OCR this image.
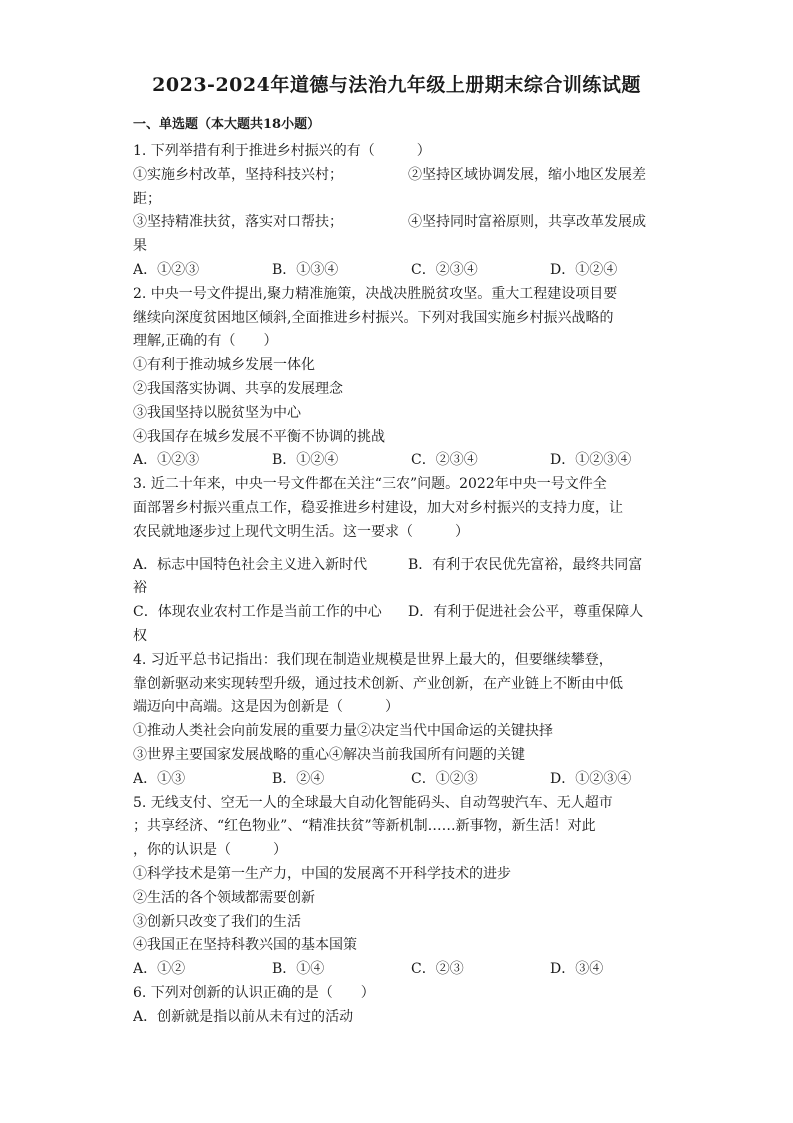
2023-2024年道德与法治九年级上册期末综合训练试题
一、单选题（本大题共18小题）
1. 下列举措有利于推进乡村振兴的有（　　　）
①实施乡村改革，坚持科技兴村；	②坚持区域协调发展，缩小地区发展差
距；
③坚持精准扶贫，落实对口帮扶；	④坚持同时富裕原则，共享改革发展成
果
A．①②③	B．①③④	C．②③④	D．①②④
2. 中央一号文件提出,聚力精准施策，决战决胜脱贫攻坚。重大工程建设项目要
继续向深度贫困地区倾斜,全面推进乡村振兴。下列对我国实施乡村振兴战略的
理解,正确的有（　　）
①有利于推动城乡发展一体化
②我国落实协调、共享的发展理念
③我国坚持以脱贫坚为中心
④我国存在城乡发展不平衡不协调的挑战
A．①②③	B．①②④	C．②③④	D．①②③④
3. 近二十年来，中央一号文件都在关注“三农”问题。2022年中央一号文件全
面部署乡村振兴重点工作，稳妥推进乡村建设，加大对乡村振兴的支持力度，让
农民就地逐步过上现代文明生活。这一要求（　　　）
A．标志中国特色社会主义进入新时代	B．有利于农民优先富裕，最终共同富
裕
C．体现农业农村工作是当前工作的中心	D．有利于促进社会公平，尊重保障人
权
4. 习近平总书记指出：我们现在制造业规模是世界上最大的，但要继续攀登，
靠创新驱动来实现转型升级，通过技术创新、产业创新，在产业链上不断由中低
端迈向中高端。这是因为创新是（　　　）
①推动人类社会向前发展的重要力量②决定当代中国命运的关键抉择
③世界主要国家发展战略的重心④解决当前我国所有问题的关键
A．①③	B．②④	C．①②③	D．①②③④
5. 无线支付、空无一人的全球最大自动化智能码头、自动驾驶汽车、无人超市
；共享经济、“红色物业”、“精准扶贫”等新机制……新事物，新生活！对此
，你的认识是（　　　）
①科学技术是第一生产力，中国的发展离不开科学技术的进步
②生活的各个领域都需要创新
③创新只改变了我们的生活
④我国正在坚持科教兴国的基本国策
A．①②	B．①④	C．②③	D．③④
6. 下列对创新的认识正确的是（　　）
A．创新就是指以前从未有过的活动
